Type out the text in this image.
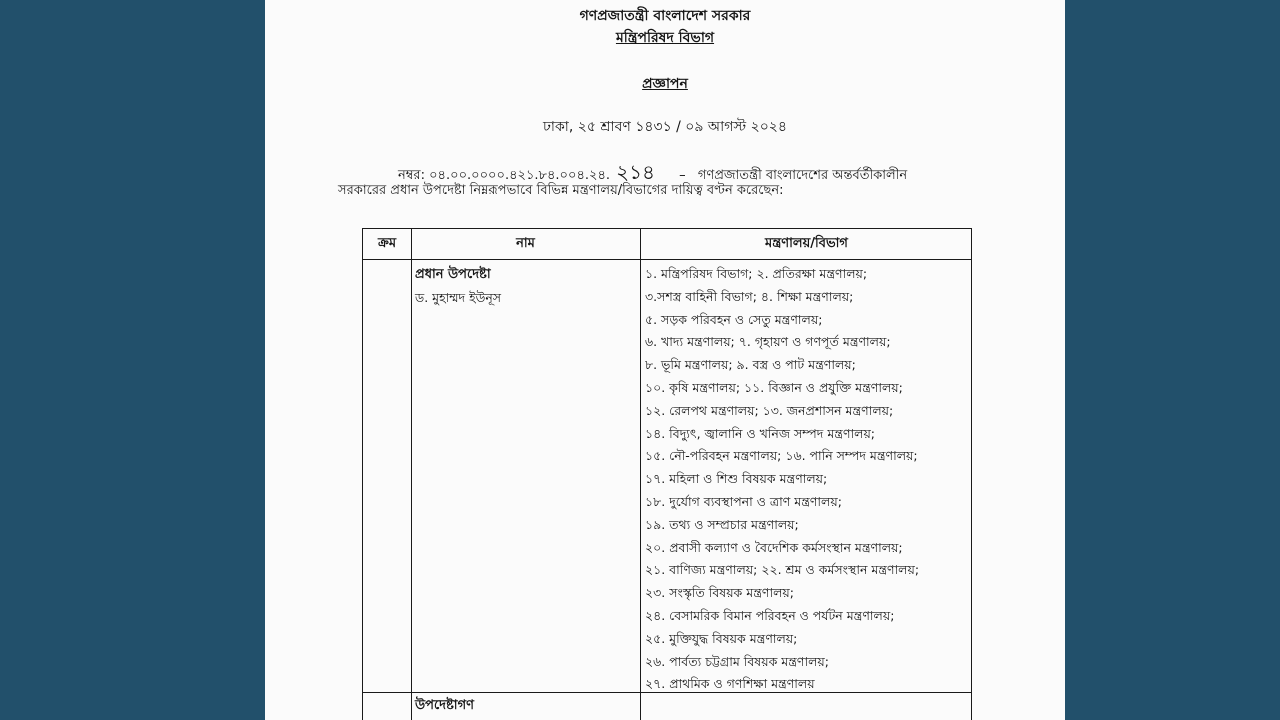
গণপ্রজাতন্ত্রী বাংলাদেশ সরকার
মন্ত্রিপরিষদ বিভাগ
প্রজ্ঞাপন
ঢাকা, ২৫ শ্রাবণ ১৪৩১ / ০৯ আগস্ট ২০২৪
নম্বর: ০৪.০০.০০০০.৪২১.৮৪.০০৪.২৪. ২১৪ – গণপ্রজাতন্ত্রী বাংলাদেশের অন্তর্বর্তীকালীন
সরকারের প্রধান উপদেষ্টা নিম্নরূপভাবে বিভিন্ন মন্ত্রণালয়/বিভাগের দায়িত্ব বণ্টন করেছেন:
ক্রম	নাম	মন্ত্রণালয়/বিভাগ
প্রধান উপদেষ্টা
ড. মুহাম্মদ ইউনূস
১. মন্ত্রিপরিষদ বিভাগ; ২. প্রতিরক্ষা মন্ত্রণালয়;
৩.সশস্ত্র বাহিনী বিভাগ; ৪. শিক্ষা মন্ত্রণালয়;
৫. সড়ক পরিবহন ও সেতু মন্ত্রণালয়;
৬. খাদ্য মন্ত্রণালয়; ৭. গৃহায়ণ ও গণপূর্ত মন্ত্রণালয়;
৮. ভূমি মন্ত্রণালয়; ৯. বস্ত্র ও পাট মন্ত্রণালয়;
১০. কৃষি মন্ত্রণালয়; ১১. বিজ্ঞান ও প্রযুক্তি মন্ত্রণালয়;
১২. রেলপথ মন্ত্রণালয়; ১৩. জনপ্রশাসন মন্ত্রণালয়;
১৪. বিদ্যুৎ, জ্বালানি ও খনিজ সম্পদ মন্ত্রণালয়;
১৫. নৌ-পরিবহন মন্ত্রণালয়; ১৬. পানি সম্পদ মন্ত্রণালয়;
১৭. মহিলা ও শিশু বিষয়ক মন্ত্রণালয়;
১৮. দুর্যোগ ব্যবস্থাপনা ও ত্রাণ মন্ত্রণালয়;
১৯. তথ্য ও সম্প্রচার মন্ত্রণালয়;
২০. প্রবাসী কল্যাণ ও বৈদেশিক কর্মসংস্থান মন্ত্রণালয়;
২১. বাণিজ্য মন্ত্রণালয়; ২২. শ্রম ও কর্মসংস্থান মন্ত্রণালয়;
২৩. সংস্কৃতি বিষয়ক মন্ত্রণালয়;
২৪. বেসামরিক বিমান পরিবহন ও পর্যটন মন্ত্রণালয়;
২৫. মুক্তিযুদ্ধ বিষয়ক মন্ত্রণালয়;
২৬. পার্বত্য চট্টগ্রাম বিষয়ক মন্ত্রণালয়;
২৭. প্রাথমিক ও গণশিক্ষা মন্ত্রণালয়
উপদেষ্টাগণ
